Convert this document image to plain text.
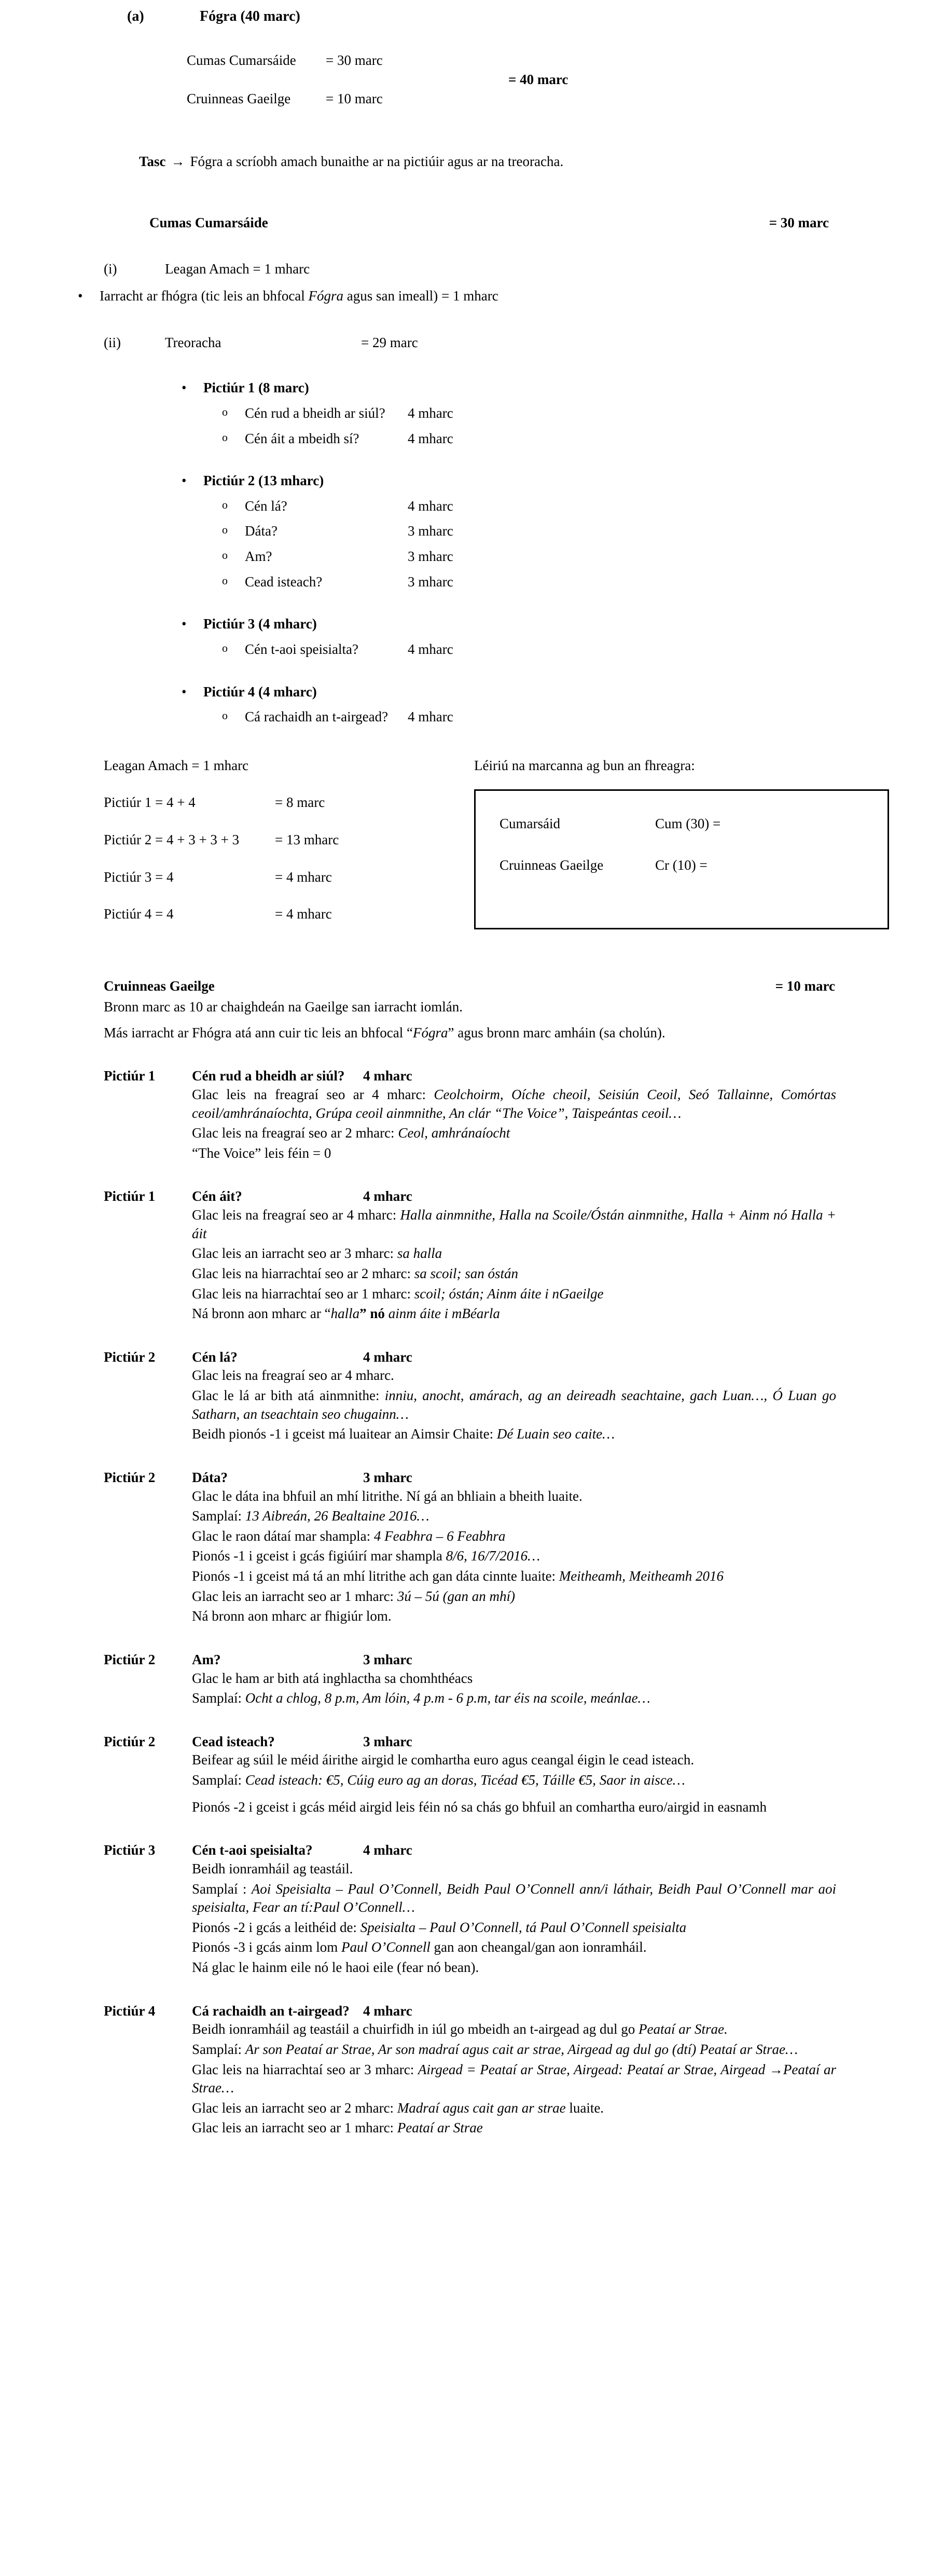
(a)	Fógra (40 marc)
Cumas Cumarsáide	= 30 marc
Cruinneas Gaeilge	= 10 marc
= 40 marc
Tasc → Fógra a scríobh amach bunaithe ar na pictiúir agus ar na treoracha.
Cumas Cumarsáide	= 30 marc
(i)	Leagan Amach = 1 mharc
•	Iarracht ar fhógra (tic leis an bhfocal Fógra agus san imeall) = 1 mharc
(ii)	Treoracha	= 29 marc
•	Pictiúr 1 (8 marc)
o	Cén rud a bheidh ar siúl?	4 mharc
o	Cén áit a mbeidh sí?	4 mharc
•	Pictiúr 2 (13 mharc)
o	Cén lá?	4 mharc
o	Dáta?	3 mharc
o	Am?	3 mharc
o	Cead isteach?	3 mharc
•	Pictiúr 3 (4 mharc)
o	Cén t-aoi speisialta?	4 mharc
•	Pictiúr 4 (4 mharc)
o	Cá rachaidh an t-airgead?	4 mharc
Leagan Amach = 1 mharc
Pictiúr 1 = 4 + 4	= 8 marc
Pictiúr 2 = 4 + 3 + 3 + 3	= 13 mharc
Pictiúr 3 = 4	= 4 mharc
Pictiúr 4 = 4	= 4 mharc
Léiriú na marcanna ag bun an fhreagra:
Cumarsáid	Cum (30) =
Cruinneas Gaeilge	Cr (10) =
Cruinneas Gaeilge	= 10 marc

Bronn marc as 10 ar chaighdeán na Gaeilge san iarracht iomlán.

Más iarracht ar Fhógra atá ann cuir tic leis an bhfocal “Fógra” agus bronn marc amháin (sa cholún).

Pictiúr 1	Cén rud a bheidh ar siúl?	4 mharc

Glac leis na freagraí seo ar 4 mharc: Ceolchoirm, Oíche cheoil, Seisiún Ceoil, Seó Tallainne, Comórtas ceoil/amhránaíochta, Grúpa ceoil ainmnithe, An clár “The Voice”, Taispeántas ceoil…

Glac leis na freagraí seo ar 2 mharc: Ceol, amhránaíocht

“The Voice” leis féin = 0

Pictiúr 1	Cén áit?	4 mharc

Glac leis na freagraí seo ar 4 mharc: Halla ainmnithe, Halla na Scoile/Óstán ainmnithe, Halla + Ainm nó Halla + áit

Glac leis an iarracht seo ar 3 mharc: sa halla

Glac leis na hiarrachtaí seo ar 2 mharc: sa scoil; san óstán

Glac leis na hiarrachtaí seo ar 1 mharc: scoil; óstán; Ainm áite i nGaeilge

Ná bronn aon mharc ar “halla” nó ainm áite i mBéarla

Pictiúr 2	Cén lá?	4 mharc

Glac leis na freagraí seo ar 4 mharc.

Glac le lá ar bith atá ainmnithe: inniu, anocht, amárach, ag an deireadh seachtaine, gach Luan…, Ó Luan go Satharn, an tseachtain seo chugainn…

Beidh pionós -1 i gceist má luaitear an Aimsir Chaite: Dé Luain seo caite…

Pictiúr 2	Dáta?	3 mharc

Glac le dáta ina bhfuil an mhí litrithe. Ní gá an bhliain a bheith luaite.

Samplaí: 13 Aibreán, 26 Bealtaine 2016…

Glac le raon dátaí mar shampla: 4 Feabhra – 6 Feabhra

Pionós -1 i gceist i gcás figiúirí mar shampla 8/6, 16/7/2016…

Pionós -1 i gceist má tá an mhí litrithe ach gan dáta cinnte luaite: Meitheamh, Meitheamh 2016

Glac leis an iarracht seo ar 1 mharc: 3ú – 5ú (gan an mhí)

Ná bronn aon mharc ar fhigiúr lom.

Pictiúr 2	Am?	3 mharc

Glac le ham ar bith atá inghlactha sa chomhthéacs

Samplaí: Ocht a chlog, 8 p.m, Am lóin, 4 p.m - 6 p.m, tar éis na scoile, meánlae…

Pictiúr 2	Cead isteach?	3 mharc

Beifear ag súil le méid áirithe airgid le comhartha euro agus ceangal éigin le cead isteach.

Samplaí: Cead isteach: €5, Cúig euro ag an doras, Ticéad €5, Táille €5, Saor in aisce…

Pionós -2 i gceist i gcás méid airgid leis féin nó sa chás go bhfuil an comhartha euro/airgid in easnamh

Pictiúr 3	Cén t-aoi speisialta?	4 mharc

Beidh ionramháil ag teastáil.

Samplaí : Aoi Speisialta – Paul O’Connell, Beidh Paul O’Connell ann/i láthair, Beidh Paul O’Connell mar aoi speisialta, Fear an tí:Paul O’Connell…

Pionós -2 i gcás a leithéid de: Speisialta – Paul O’Connell, tá Paul O’Connell speisialta

Pionós -3 i gcás ainm lom Paul O’Connell gan aon cheangal/gan aon ionramháil.

Ná glac le hainm eile nó le haoi eile (fear nó bean).

Pictiúr 4	Cá rachaidh an t-airgead? 4 mharc

Beidh ionramháil ag teastáil a chuirfidh in iúl go mbeidh an t-airgead ag dul go Peataí ar Strae.

Samplaí: Ar son Peataí ar Strae, Ar son madraí agus cait ar strae, Airgead ag dul go (dtí) Peataí ar Strae…

Glac leis na hiarrachtaí seo ar 3 mharc: Airgead = Peataí ar Strae, Airgead: Peataí ar Strae, Airgead →Peataí ar Strae…

Glac leis an iarracht seo ar 2 mharc: Madraí agus cait gan ar strae luaite.

Glac leis an iarracht seo ar 1 mharc: Peataí ar Strae
